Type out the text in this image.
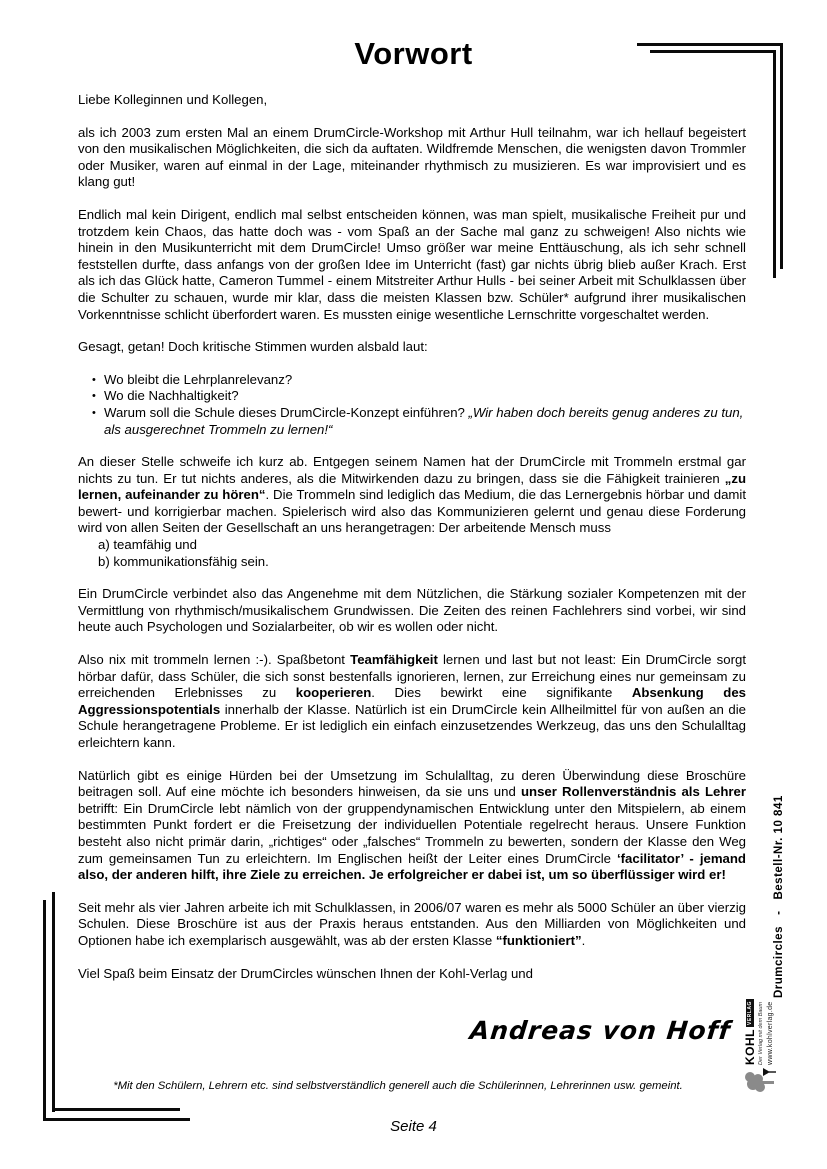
Vorwort
Liebe Kolleginnen und Kollegen,
als ich 2003 zum ersten Mal an einem DrumCircle-Workshop mit Arthur Hull teilnahm, war ich hellauf begeistert von den musikalischen Möglichkeiten, die sich da auftaten. Wildfremde Menschen, die wenigsten davon Trommler oder Musiker, waren auf einmal in der Lage, miteinander rhythmisch zu musizieren. Es war improvisiert und es klang gut!
Endlich mal kein Dirigent, endlich mal selbst entscheiden können, was man spielt, musikalische Freiheit pur und trotzdem kein Chaos, das hatte doch was - vom Spaß an der Sache mal ganz zu schweigen! Also nichts wie hinein in den Musikunterricht mit dem DrumCircle! Umso größer war meine Enttäuschung, als ich sehr schnell feststellen durfte, dass anfangs von der großen Idee im Unterricht (fast) gar nichts übrig blieb außer Krach. Erst als ich das Glück hatte, Cameron Tummel - einem Mitstreiter Arthur Hulls - bei seiner Arbeit mit Schulklassen über die Schulter zu schauen, wurde mir klar, dass die meisten Klassen bzw. Schüler* aufgrund ihrer musikalischen Vorkenntnisse schlicht überfordert waren. Es mussten einige wesentliche Lernschritte vorgeschaltet werden.
Gesagt, getan! Doch kritische Stimmen wurden alsbald laut:
• Wo bleibt die Lehrplanrelevanz?
• Wo die Nachhaltigkeit?
• Warum soll die Schule dieses DrumCircle-Konzept einführen? „Wir haben doch bereits genug anderes zu tun, als ausgerechnet Trommeln zu lernen!“
An dieser Stelle schweife ich kurz ab. Entgegen seinem Namen hat der DrumCircle mit Trommeln erstmal gar nichts zu tun. Er tut nichts anderes, als die Mitwirkenden dazu zu bringen, dass sie die Fähigkeit trainieren „zu lernen, aufeinander zu hören“. Die Trommeln sind lediglich das Medium, die das Lernergebnis hörbar und damit bewert- und korrigierbar machen. Spielerisch wird also das Kommunizieren gelernt und genau diese Forderung wird von allen Seiten der Gesellschaft an uns herangetragen: Der arbeitende Mensch muss
a) teamfähig und
b) kommunikationsfähig sein.
Ein DrumCircle verbindet also das Angenehme mit dem Nützlichen, die Stärkung sozialer Kompetenzen mit der Vermittlung von rhythmisch/musikalischem Grundwissen. Die Zeiten des reinen Fachlehrers sind vorbei, wir sind heute auch Psychologen und Sozialarbeiter, ob wir es wollen oder nicht.
Also nix mit trommeln lernen :-). Spaßbetont Teamfähigkeit lernen und last but not least: Ein DrumCircle sorgt hörbar dafür, dass Schüler, die sich sonst bestenfalls ignorieren, lernen, zur Erreichung eines nur gemeinsam zu erreichenden Erlebnisses zu kooperieren. Dies bewirkt eine signifikante Absenkung des Aggressionspotentials innerhalb der Klasse. Natürlich ist ein DrumCircle kein Allheilmittel für von außen an die Schule herangetragene Probleme. Er ist lediglich ein einfach einzusetzendes Werkzeug, das uns den Schulalltag erleichtern kann.
Natürlich gibt es einige Hürden bei der Umsetzung im Schulalltag, zu deren Überwindung diese Broschüre beitragen soll. Auf eine möchte ich besonders hinweisen, da sie uns und unser Rollenverständnis als Lehrer betrifft: Ein DrumCircle lebt nämlich von der gruppendynamischen Entwicklung unter den Mitspielern, ab einem bestimmten Punkt fordert er die Freisetzung der individuellen Potentiale regelrecht heraus. Unsere Funktion besteht also nicht primär darin, „richtiges“ oder „falsches“ Trommeln zu bewerten, sondern der Klasse den Weg zum gemeinsamen Tun zu erleichtern. Im Englischen heißt der Leiter eines DrumCircle ‘facilitator’ - jemand also, der anderen hilft, ihre Ziele zu erreichen. Je erfolgreicher er dabei ist, um so überflüssiger wird er!
Seit mehr als vier Jahren arbeite ich mit Schulklassen, in 2006/07 waren es mehr als 5000 Schüler an über vierzig Schulen. Diese Broschüre ist aus der Praxis heraus entstanden. Aus den Milliarden von Möglichkeiten und Optionen habe ich exemplarisch ausgewählt, was ab der ersten Klasse “funktioniert”.
Viel Spaß beim Einsatz der DrumCircles wünschen Ihnen der Kohl-Verlag und
Andreas von Hoff
*Mit den Schülern, Lehrern etc. sind selbstverständlich generell auch die Schülerinnen, Lehrerinnen usw. gemeint.
Seite 4
Drumcircles   -   Bestell-Nr. 10 841
KOHL
VERLAG Der Verlag mit dem Baum www.kohlverlag.de
